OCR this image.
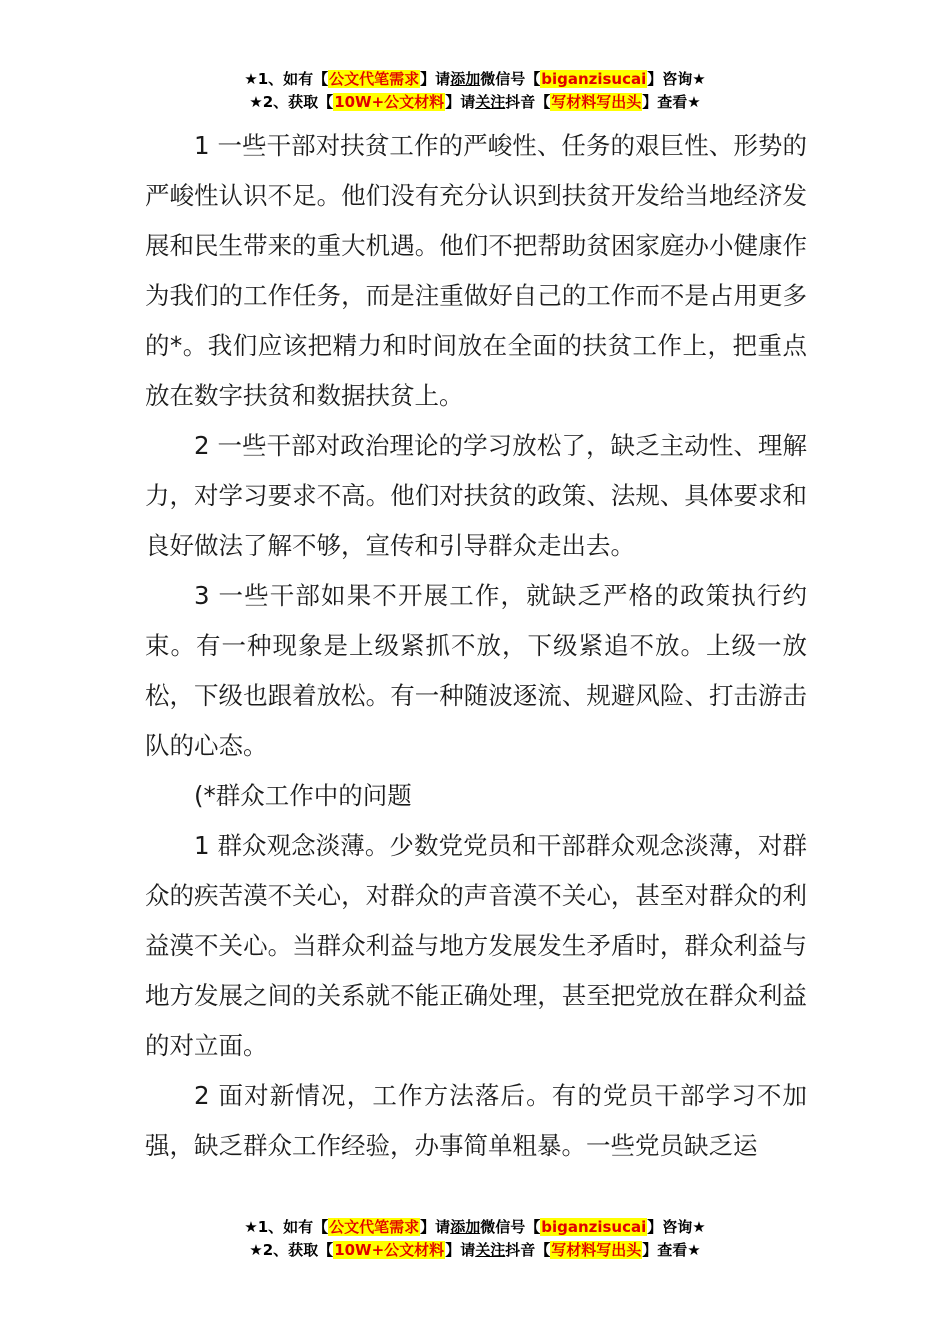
★1、如有【公文代笔需求】请添加微信号【biganzisucai】咨询★
★2、获取【10W+公文材料】请关注抖音【写材料写出头】查看★

1 一些干部对扶贫工作的严峻性、任务的艰巨性、形势的严峻性认识不足。他们没有充分认识到扶贫开发给当地经济发展和民生带来的重大机遇。他们不把帮助贫困家庭办小健康作为我们的工作任务，而是注重做好自己的工作而不是占用更多的*。我们应该把精力和时间放在全面的扶贫工作上，把重点放在数字扶贫和数据扶贫上。

2 一些干部对政治理论的学习放松了，缺乏主动性、理解力，对学习要求不高。他们对扶贫的政策、法规、具体要求和良好做法了解不够，宣传和引导群众走出去。

3 一些干部如果不开展工作，就缺乏严格的政策执行约束。有一种现象是上级紧抓不放，下级紧追不放。上级一放松，下级也跟着放松。有一种随波逐流、规避风险、打击游击队的心态。

(*群众工作中的问题

1 群众观念淡薄。少数党党员和干部群众观念淡薄，对群众的疾苦漠不关心，对群众的声音漠不关心，甚至对群众的利益漠不关心。当群众利益与地方发展发生矛盾时，群众利益与地方发展之间的关系就不能正确处理，甚至把党放在群众利益的对立面。

2 面对新情况，工作方法落后。有的党员干部学习不加强，缺乏群众工作经验，办事简单粗暴。一些党员缺乏运

★1、如有【公文代笔需求】请添加微信号【biganzisucai】咨询★
★2、获取【10W+公文材料】请关注抖音【写材料写出头】查看★
